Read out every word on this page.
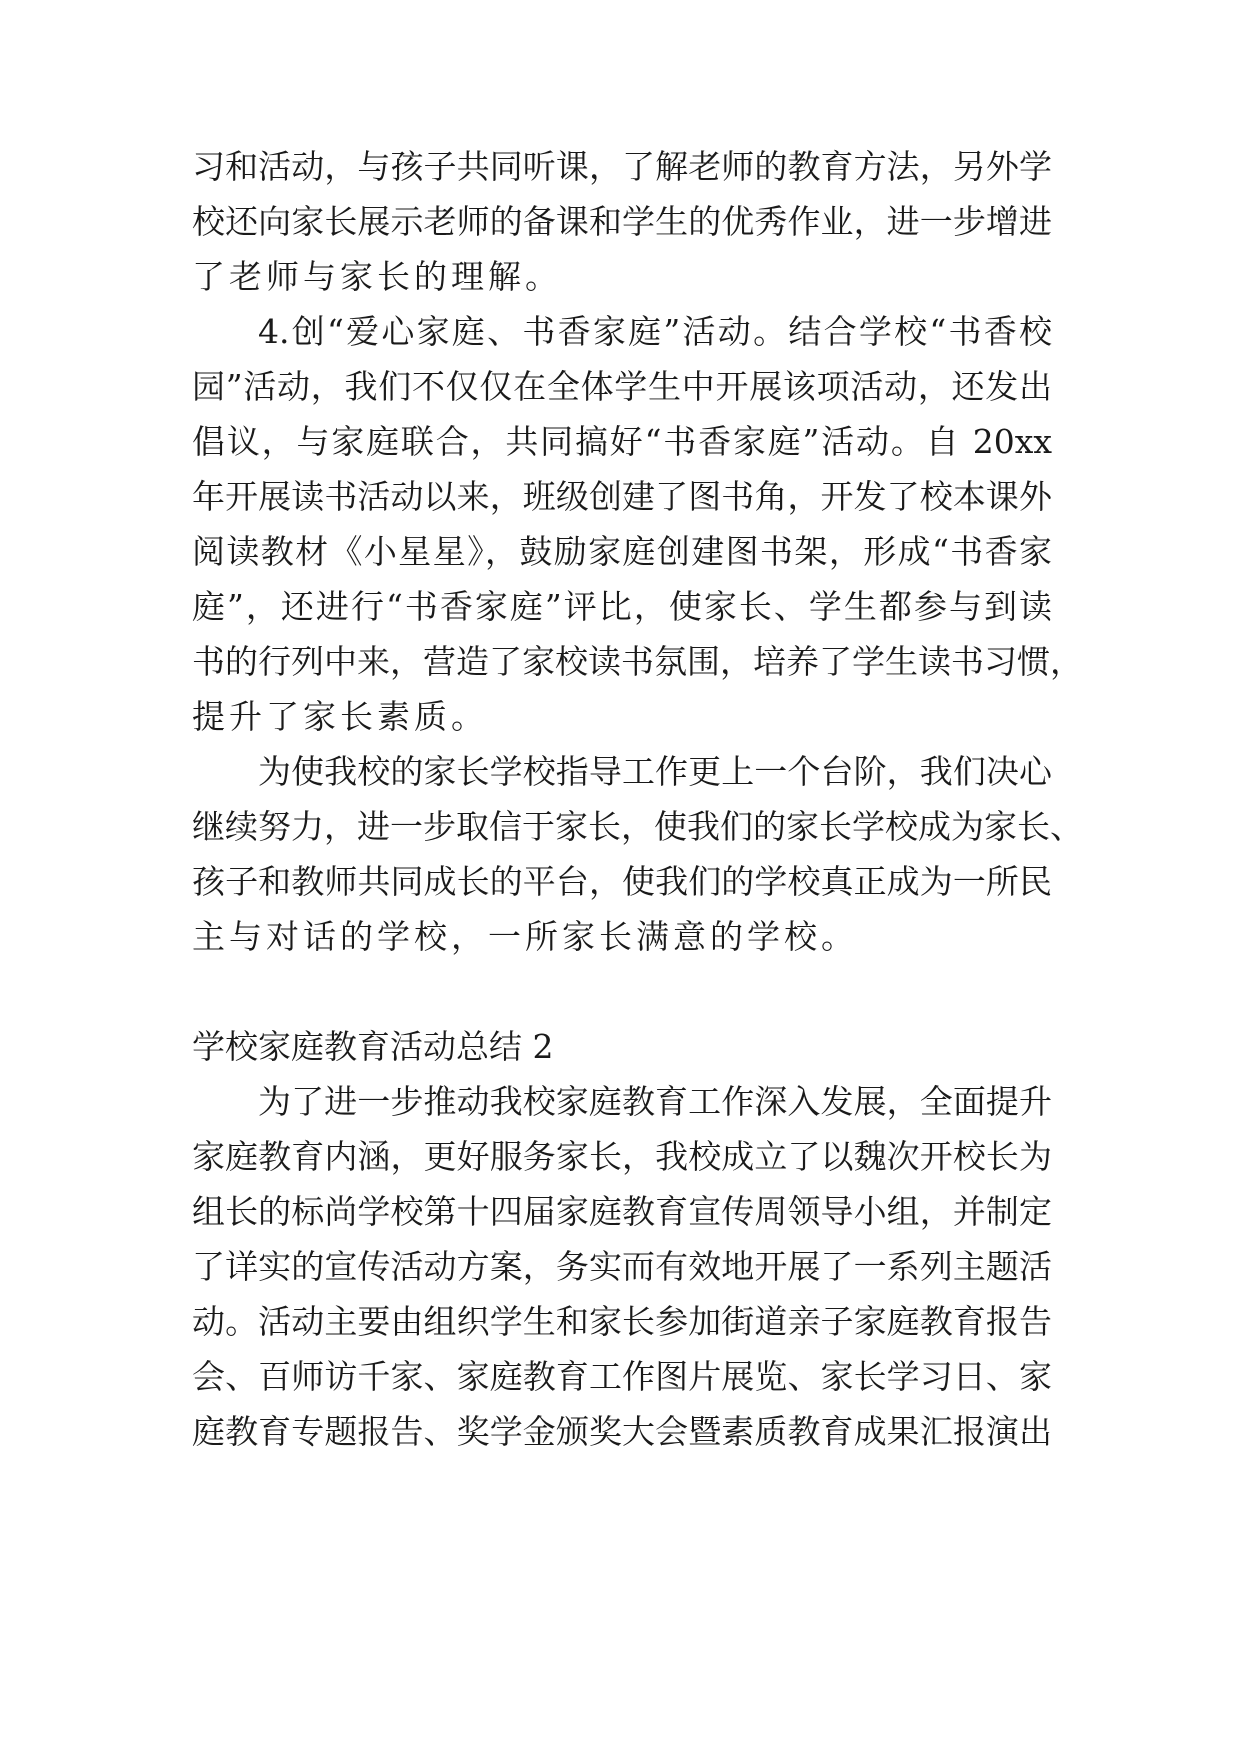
习和活动，与孩子共同听课，了解老师的教育方法，另外学
校还向家长展示老师的备课和学生的优秀作业，进一步增进
了老师与家长的理解。
4.创“爱心家庭、书香家庭”活动。结合学校“书香校
园”活动，我们不仅仅在全体学生中开展该项活动，还发出
倡议，与家庭联合，共同搞好“书香家庭”活动。自 20xx
年开展读书活动以来，班级创建了图书角，开发了校本课外
阅读教材《小星星》，鼓励家庭创建图书架，形成“书香家
庭”，还进行“书香家庭”评比，使家长、学生都参与到读
书的行列中来，营造了家校读书氛围，培养了学生读书习惯，
提升了家长素质。
为使我校的家长学校指导工作更上一个台阶，我们决心
继续努力，进一步取信于家长，使我们的家长学校成为家长、
孩子和教师共同成长的平台，使我们的学校真正成为一所民
主与对话的学校，一所家长满意的学校。
学校家庭教育活动总结 2
为了进一步推动我校家庭教育工作深入发展，全面提升
家庭教育内涵，更好服务家长，我校成立了以魏次开校长为
组长的标尚学校第十四届家庭教育宣传周领导小组，并制定
了详实的宣传活动方案，务实而有效地开展了一系列主题活
动。活动主要由组织学生和家长参加街道亲子家庭教育报告
会、百师访千家、家庭教育工作图片展览、家长学习日、家
庭教育专题报告、奖学金颁奖大会暨素质教育成果汇报演出
